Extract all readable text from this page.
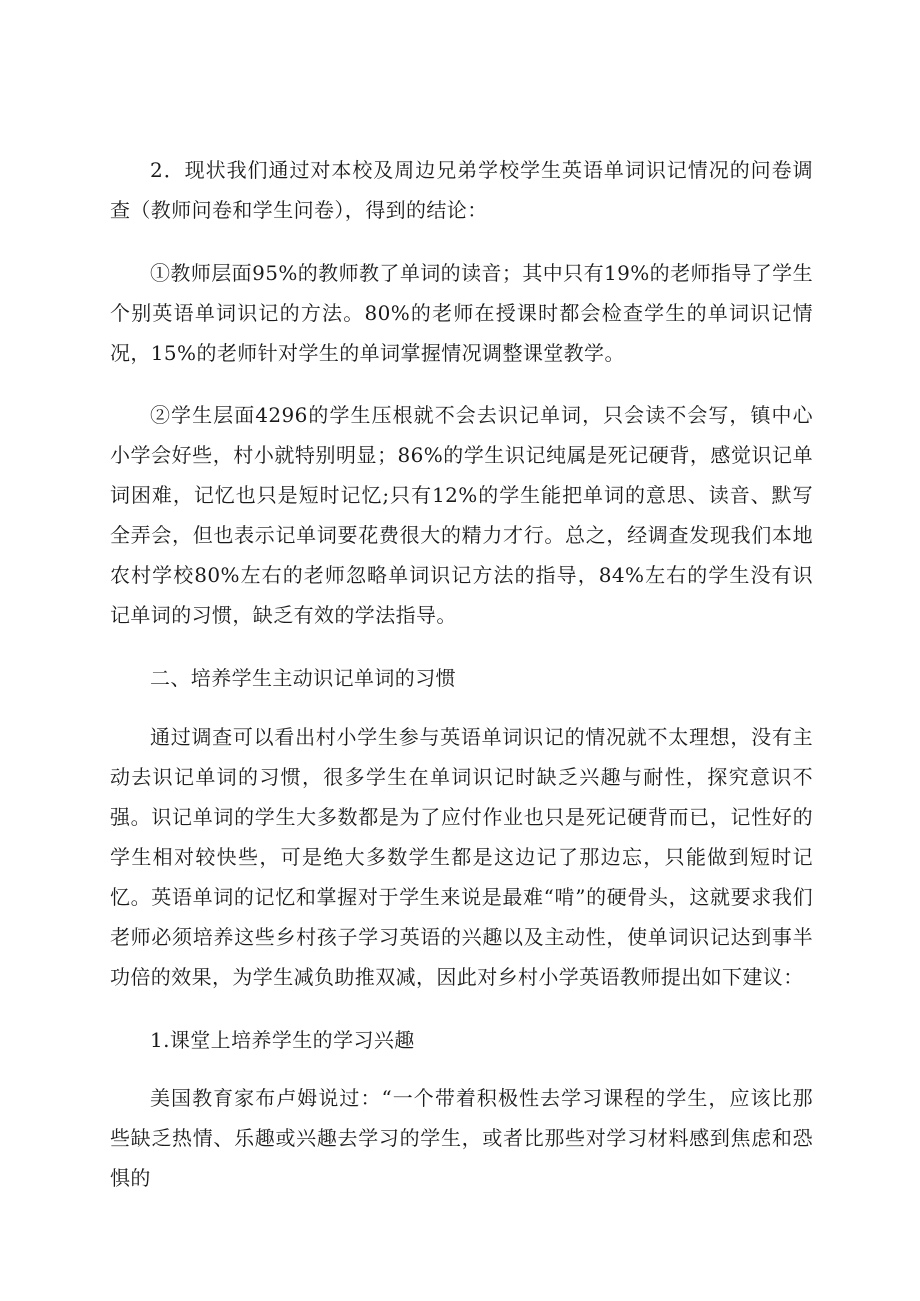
2．现状我们通过对本校及周边兄弟学校学生英语单词识记情况的问卷调查（教师问卷和学生问卷），得到的结论：

①教师层面95%的教师教了单词的读音；其中只有19%的老师指导了学生个别英语单词识记的方法。80%的老师在授课时都会检查学生的单词识记情况，15%的老师针对学生的单词掌握情况调整课堂教学。

②学生层面4296的学生压根就不会去识记单词，只会读不会写，镇中心小学会好些，村小就特别明显；86%的学生识记纯属是死记硬背，感觉识记单词困难，记忆也只是短时记忆;只有12%的学生能把单词的意思、读音、默写全弄会，但也表示记单词要花费很大的精力才行。总之，经调查发现我们本地农村学校80%左右的老师忽略单词识记方法的指导，84%左右的学生没有识记单词的习惯，缺乏有效的学法指导。

二、培养学生主动识记单词的习惯

通过调查可以看出村小学生参与英语单词识记的情况就不太理想，没有主动去识记单词的习惯，很多学生在单词识记时缺乏兴趣与耐性，探究意识不强。识记单词的学生大多数都是为了应付作业也只是死记硬背而已，记性好的学生相对较快些，可是绝大多数学生都是这边记了那边忘，只能做到短时记忆。英语单词的记忆和掌握对于学生来说是最难“啃”的硬骨头，这就要求我们老师必须培养这些乡村孩子学习英语的兴趣以及主动性，使单词识记达到事半功倍的效果，为学生减负助推双减，因此对乡村小学英语教师提出如下建议：

1.课堂上培养学生的学习兴趣

美国教育家布卢姆说过：“一个带着积极性去学习课程的学生，应该比那些缺乏热情、乐趣或兴趣去学习的学生，或者比那些对学习材料感到焦虑和恐惧的
